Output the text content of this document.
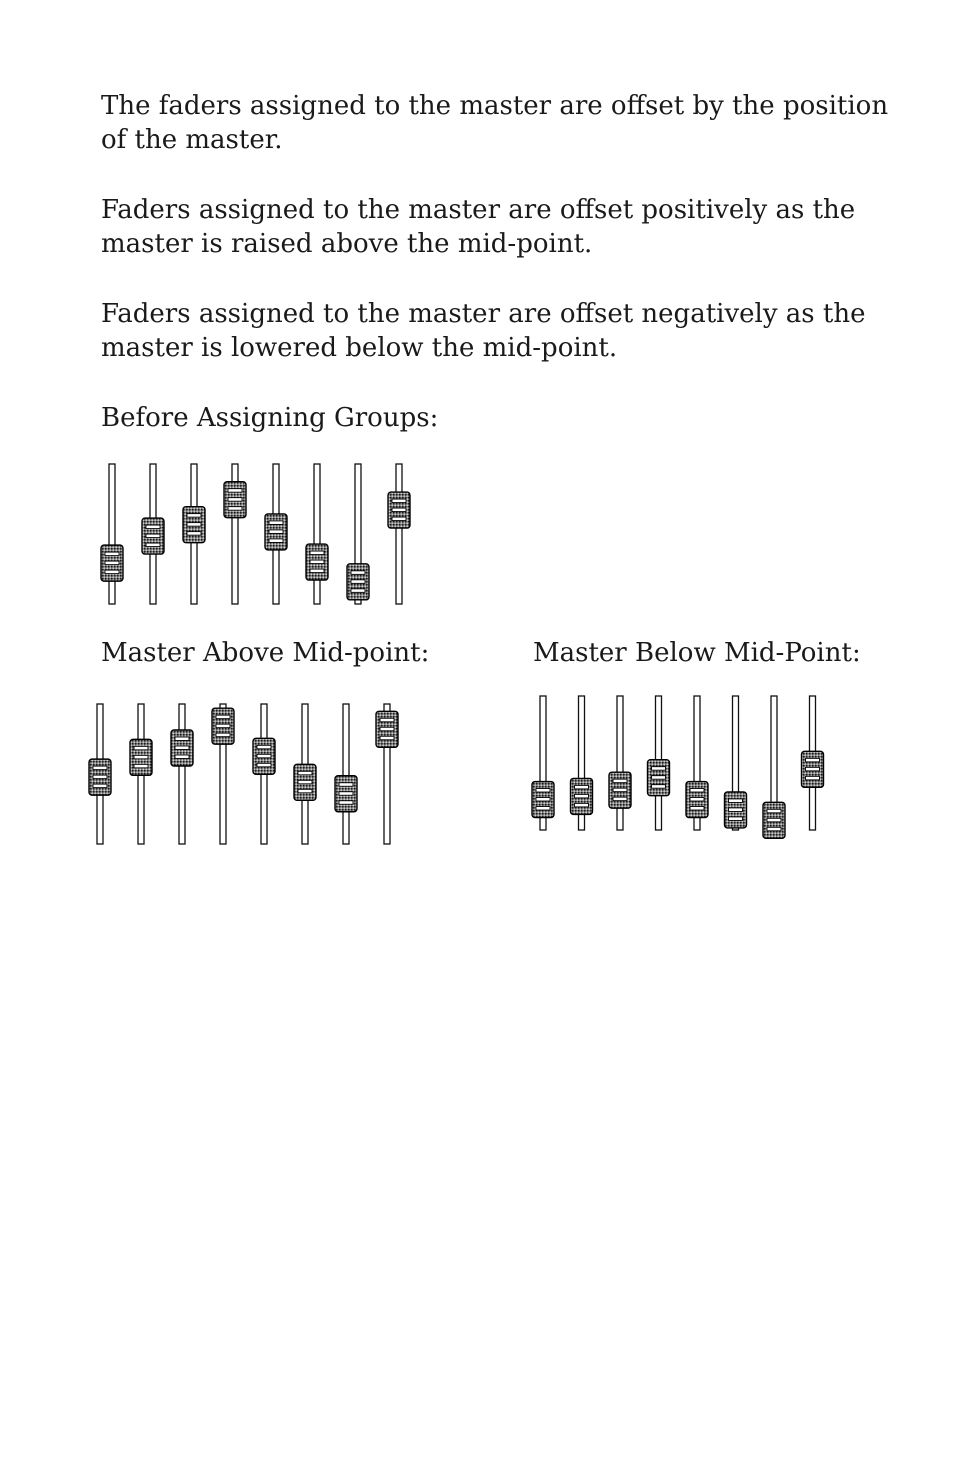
The faders assigned to the master are offset by the position of the master.

Faders assigned to the master are offset positively as the master is raised above the mid-point.

Faders assigned to the master are offset negatively as the master is lowered below the mid-point.

Before Assigning Groups:

Master Above Mid-point:	Master Below Mid-Point:
